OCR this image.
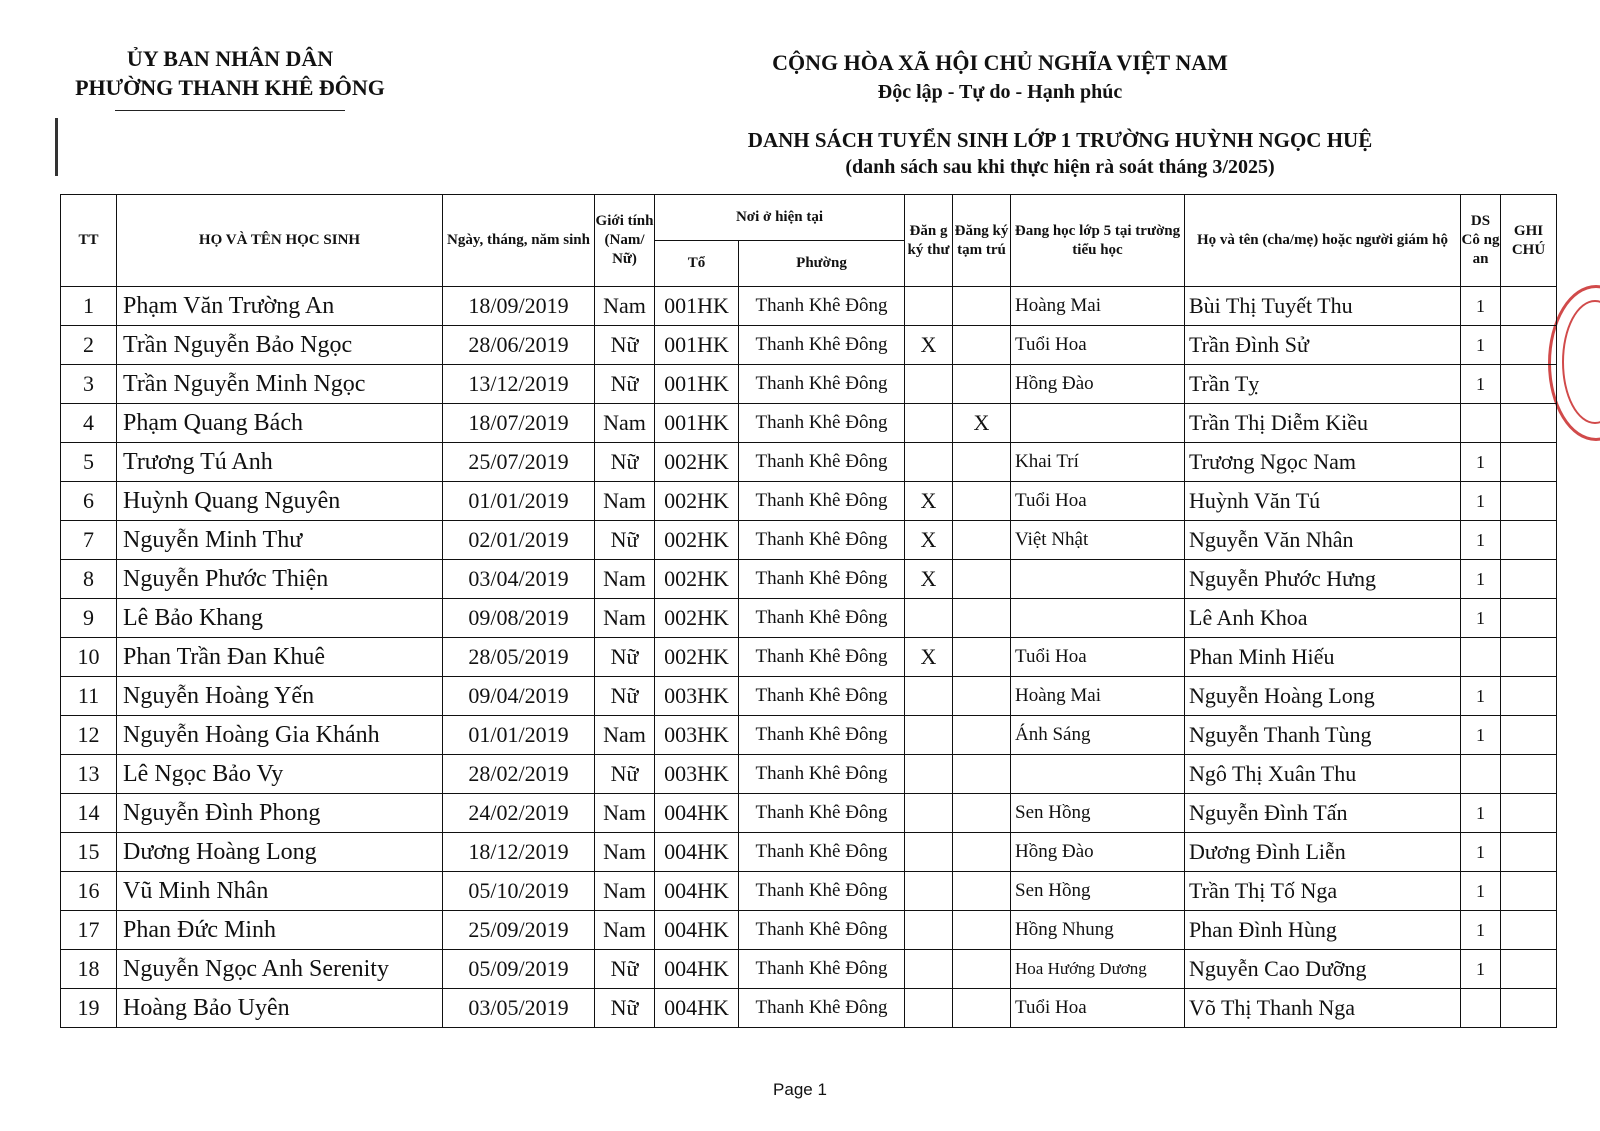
ỦY BAN NHÂN DÂN
PHƯỜNG THANH KHÊ ĐÔNG
CỘNG HÒA XÃ HỘI CHỦ NGHĨA VIỆT NAM
Độc lập - Tự do - Hạnh phúc
DANH SÁCH TUYỂN SINH LỚP 1 TRƯỜNG HUỲNH NGỌC HUỆ
(danh sách sau khi thực hiện rà soát tháng 3/2025)
TT	HỌ VÀ TÊN HỌC SINH	Ngày, tháng, năm sinh	Giới tính (Nam/ Nữ)	Nơi ở hiện tại		Đăn g ký thư	Đăng ký tạm trú	Đang học lớp 5 tại trường tiểu học	Họ và tên (cha/mẹ) hoặc người giám hộ	DS Cô ng an	GHI CHÚ
				Tổ	Phường						
1	Phạm Văn Trường An	18/09/2019	Nam	001HK	Thanh Khê Đông			Hoàng Mai	Bùi Thị Tuyết Thu	1	
2	Trần Nguyễn Bảo Ngọc	28/06/2019	Nữ	001HK	Thanh Khê Đông	X		Tuổi Hoa	Trần Đình Sử	1	
3	Trần Nguyễn Minh Ngọc	13/12/2019	Nữ	001HK	Thanh Khê Đông			Hồng Đào	Trần Tỵ	1	
4	Phạm Quang Bách	18/07/2019	Nam	001HK	Thanh Khê Đông		X		Trần Thị Diễm Kiều		
5	Trương Tú Anh	25/07/2019	Nữ	002HK	Thanh Khê Đông			Khai Trí	Trương Ngọc Nam	1	
6	Huỳnh Quang Nguyên	01/01/2019	Nam	002HK	Thanh Khê Đông	X		Tuổi Hoa	Huỳnh Văn Tú	1	
7	Nguyễn Minh Thư	02/01/2019	Nữ	002HK	Thanh Khê Đông	X		Việt Nhật	Nguyễn Văn Nhân	1	
8	Nguyễn Phước Thiện	03/04/2019	Nam	002HK	Thanh Khê Đông	X			Nguyễn Phước Hưng	1	
9	Lê Bảo Khang	09/08/2019	Nam	002HK	Thanh Khê Đông				Lê Anh Khoa	1	
10	Phan Trần Đan Khuê	28/05/2019	Nữ	002HK	Thanh Khê Đông	X		Tuổi Hoa	Phan Minh Hiếu		
11	Nguyễn Hoàng Yến	09/04/2019	Nữ	003HK	Thanh Khê Đông			Hoàng Mai	Nguyễn Hoàng Long	1	
12	Nguyễn Hoàng Gia Khánh	01/01/2019	Nam	003HK	Thanh Khê Đông			Ánh Sáng	Nguyễn Thanh Tùng	1	
13	Lê Ngọc Bảo Vy	28/02/2019	Nữ	003HK	Thanh Khê Đông				Ngô Thị Xuân Thu		
14	Nguyễn Đình Phong	24/02/2019	Nam	004HK	Thanh Khê Đông			Sen Hồng	Nguyễn Đình Tấn	1	
15	Dương Hoàng Long	18/12/2019	Nam	004HK	Thanh Khê Đông			Hồng Đào	Dương Đình Liễn	1	
16	Vũ Minh Nhân	05/10/2019	Nam	004HK	Thanh Khê Đông			Sen Hồng	Trần Thị Tố Nga	1	
17	Phan Đức Minh	25/09/2019	Nam	004HK	Thanh Khê Đông			Hồng Nhung	Phan Đình Hùng	1	
18	Nguyễn Ngọc Anh Serenity	05/09/2019	Nữ	004HK	Thanh Khê Đông			Hoa Hướng Dương	Nguyễn Cao Dưỡng	1	
19	Hoàng Bảo Uyên	03/05/2019	Nữ	004HK	Thanh Khê Đông			Tuổi Hoa	Võ Thị Thanh Nga		
Page 1
